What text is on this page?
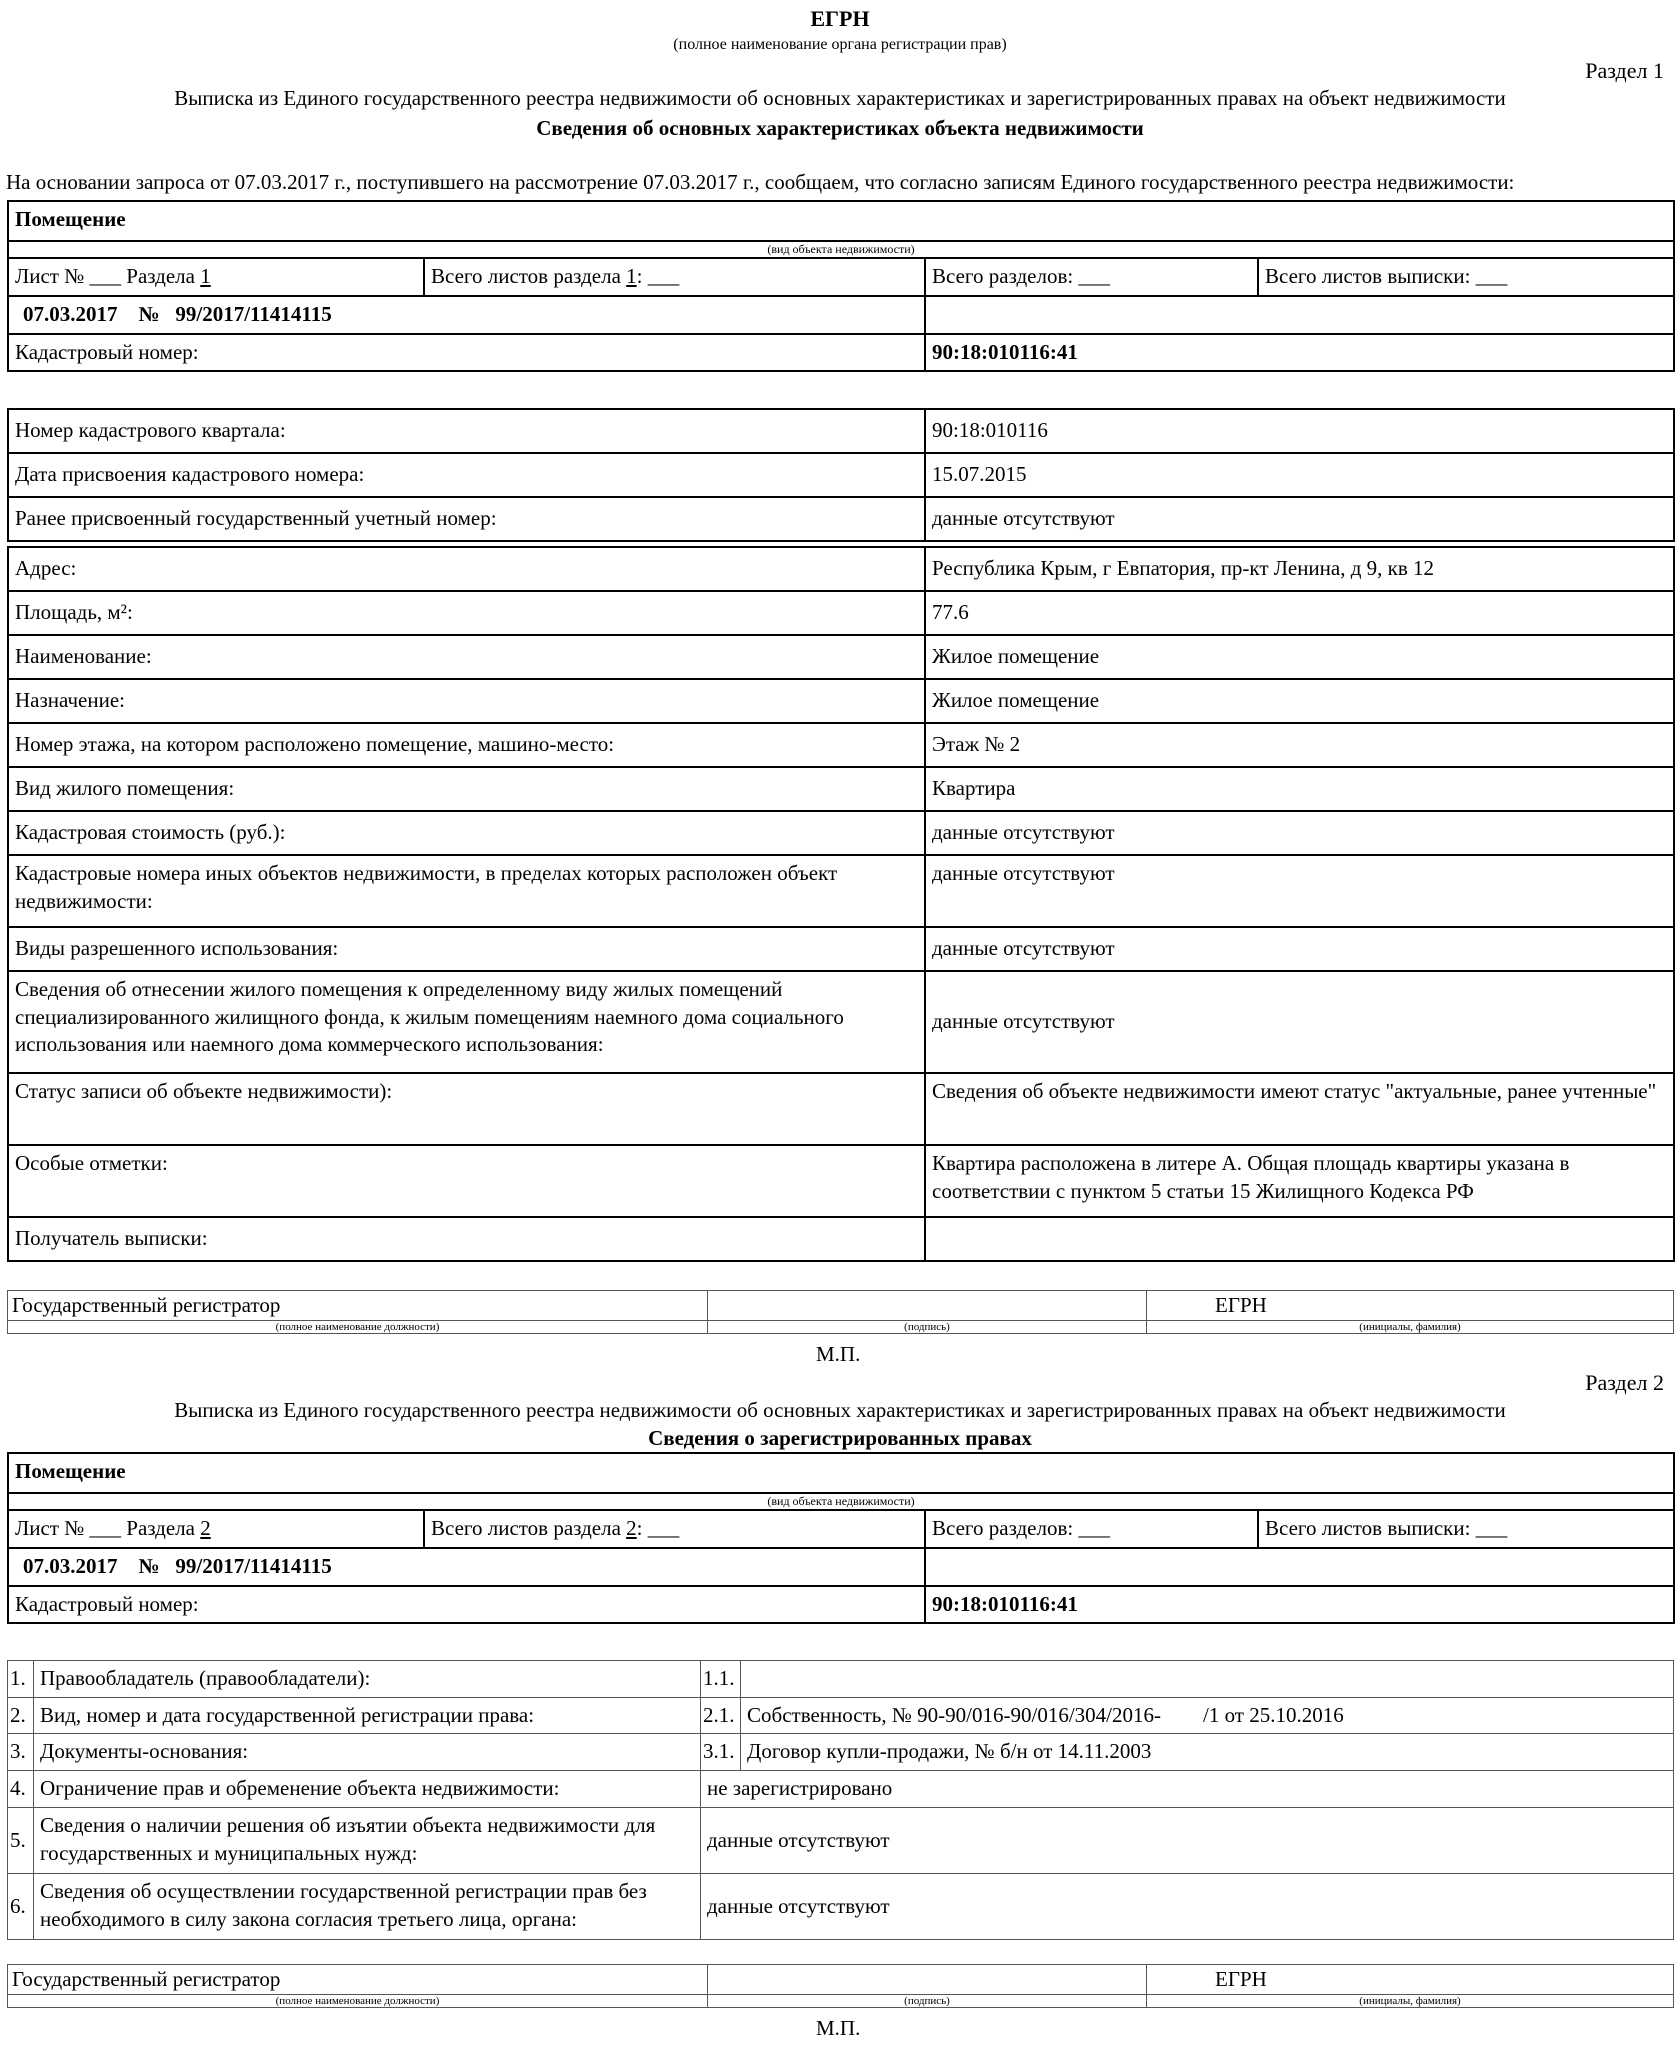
ЕГРН
(полное наименование органа регистрации прав)
Раздел 1
Выписка из Единого государственного реестра недвижимости об основных характеристиках и зарегистрированных правах на объект недвижимости
Сведения об основных характеристиках объекта недвижимости
На основании запроса от 07.03.2017 г., поступившего на рассмотрение 07.03.2017 г., сообщаем, что согласно записям Единого государственного реестра недвижимости:
Помещение			
(вид объекта недвижимости)			
Лист № ___ Раздела 1	Всего листов раздела 1: ___	Всего разделов: ___	Всего листов выписки: ___
07.03.2017 № 99/2017/11414115			
Кадастровый номер:		90:18:010116:41	
Номер кадастрового квартала:	90:18:010116
Дата присвоения кадастрового номера:	15.07.2015
Ранее присвоенный государственный учетный номер:	данные отсутствуют
Адрес:	Республика Крым, г Евпатория, пр-кт Ленина, д 9, кв 12
Площадь, м²:	77.6
Наименование:	Жилое помещение
Назначение:	Жилое помещение
Номер этажа, на котором расположено помещение, машино-место:	Этаж № 2
Вид жилого помещения:	Квартира
Кадастровая стоимость (руб.):	данные отсутствуют
Кадастровые номера иных объектов недвижимости, в пределах которых расположен объект недвижимости:	данные отсутствуют
Виды разрешенного использования:	данные отсутствуют
Сведения об отнесении жилого помещения к определенному виду жилых помещений специализированного жилищного фонда, к жилым помещениям наемного дома социального использования или наемного дома коммерческого использования:	данные отсутствуют
Статус записи об объекте недвижимости):	Сведения об объекте недвижимости имеют статус "актуальные, ранее учтенные"
Особые отметки:	Квартира расположена в литере А. Общая площадь квартиры указана в соответствии с пунктом 5 статьи 15 Жилищного Кодекса РФ
Получатель выписки:	
Государственный регистратор		ЕГРН
(полное наименование должности)	(подпись)	(инициалы, фамилия)
М.П.
Раздел 2
Выписка из Единого государственного реестра недвижимости об основных характеристиках и зарегистрированных правах на объект недвижимости
Сведения о зарегистрированных правах
Помещение			
(вид объекта недвижимости)			
Лист № ___ Раздела 2	Всего листов раздела 2: ___	Всего разделов: ___	Всего листов выписки: ___
07.03.2017 № 99/2017/11414115			
Кадастровый номер:		90:18:010116:41	
1.	Правообладатель (правообладатели):	1.1.	
2.	Вид, номер и дата государственной регистрации права:	2.1.	Собственность, № 90-90/016-90/016/304/2016-        /1 от 25.10.2016
3.	Документы-основания:	3.1.	Договор купли-продажи, № б/н от 14.11.2003
4.	Ограничение прав и обременение объекта недвижимости:	не зарегистрировано	
5.	Сведения о наличии решения об изъятии объекта недвижимости для государственных и муниципальных нужд:	данные отсутствуют	
6.	Сведения об осуществлении государственной регистрации прав без необходимого в силу закона согласия третьего лица, органа:	данные отсутствуют	
Государственный регистратор		ЕГРН
(полное наименование должности)	(подпись)	(инициалы, фамилия)
М.П.
